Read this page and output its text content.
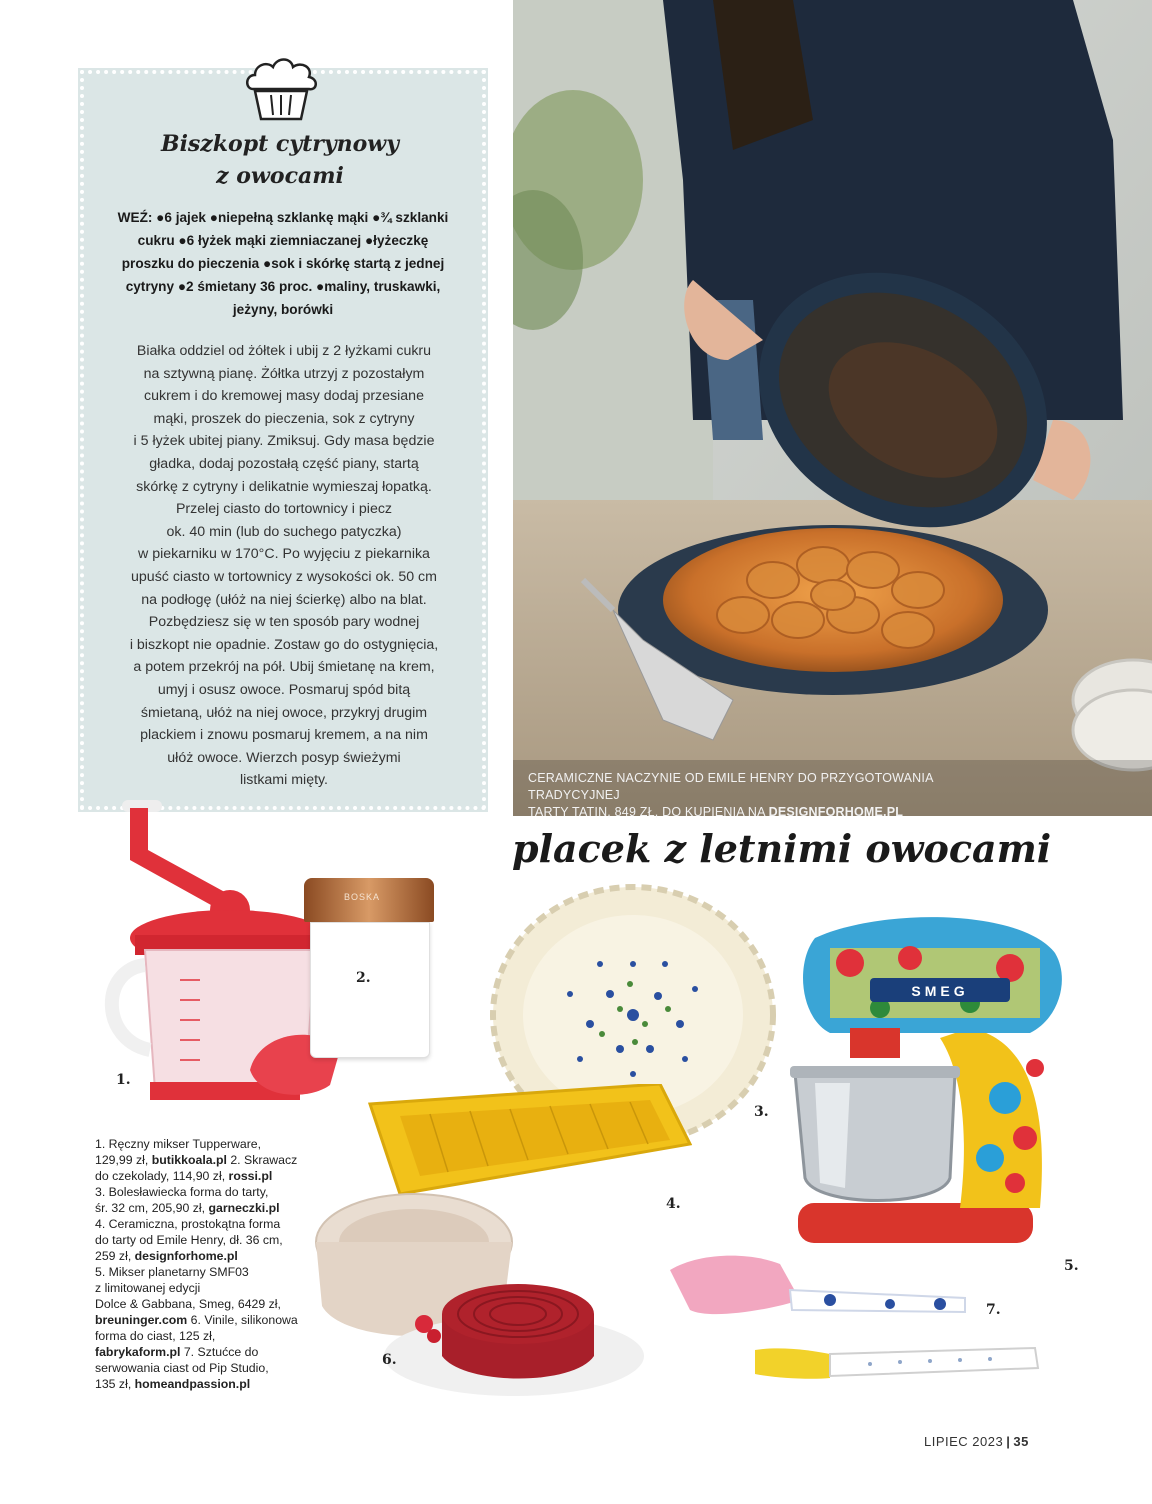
Biszkopt cytrynowy
z owocami
WEŹ: ●6 jajek ●niepełną szklankę mąki ●¾ szklanki
cukru ●6 łyżek mąki ziemniaczanej ●łyżeczkę
proszku do pieczenia ●sok i skórkę startą z jednej
cytryny ●2 śmietany 36 proc. ●maliny, truskawki,
jeżyny, borówki
Białka oddziel od żółtek i ubij z 2 łyżkami cukru
na sztywną pianę. Żółtka utrzyj z pozostałym
cukrem i do kremowej masy dodaj przesiane
mąki, proszek do pieczenia, sok z cytryny
i 5 łyżek ubitej piany. Zmiksuj. Gdy masa będzie
gładka, dodaj pozostałą część piany, startą
skórkę z cytryny i delikatnie wymieszaj łopatką.
Przelej ciasto do tortownicy i piecz
ok. 40 min (lub do suchego patyczka)
w piekarniku w 170°C. Po wyjęciu z piekarnika
upuść ciasto w tortownicy z wysokości ok. 50 cm
na podłogę (ułóż na niej ścierkę) albo na blat.
Pozbędziesz się w ten sposób pary wodnej
i biszkopt nie opadnie. Zostaw go do ostygnięcia,
a potem przekrój na pół. Ubij śmietanę na krem,
umyj i osusz owoce. Posmaruj spód bitą
śmietaną, ułóż na niej owoce, przykryj drugim
plackiem i znowu posmaruj kremem, a na nim
ułóż owoce. Wierzch posyp świeżymi
listkami mięty.	CERAMICZNE NACZYNIE OD EMILE HENRY DO PRZYGOTOWANIA TRADYCYJNEJ
TARTY TATIN, 849 ZŁ, DO KUPIENIA NA DESIGNFORHOME.PL
placek z letnimi owocami
1.
BOSKA
2.
3.
4.
SMEG
5.
6.
7.
1. Ręczny mikser Tupperware,
129,99 zł, butikkoala.pl 2. Skrawacz
do czekolady, 114,90 zł, rossi.pl
3. Bolesławiecka forma do tarty,
śr. 32 cm, 205,90 zł, garneczki.pl
4. Ceramiczna, prostokątna forma
do tarty od Emile Henry, dł. 36 cm,
259 zł, designforhome.pl
5. Mikser planetarny SMF03
z limitowanej edycji
Dolce & Gabbana, Smeg, 6429 zł,
breuninger.com 6. Vinile, silikonowa
forma do ciast, 125 zł,
fabrykaform.pl 7. Sztućce do
serwowania ciast od Pip Studio,
135 zł, homeandpassion.pl
LIPIEC 2023 | 35
